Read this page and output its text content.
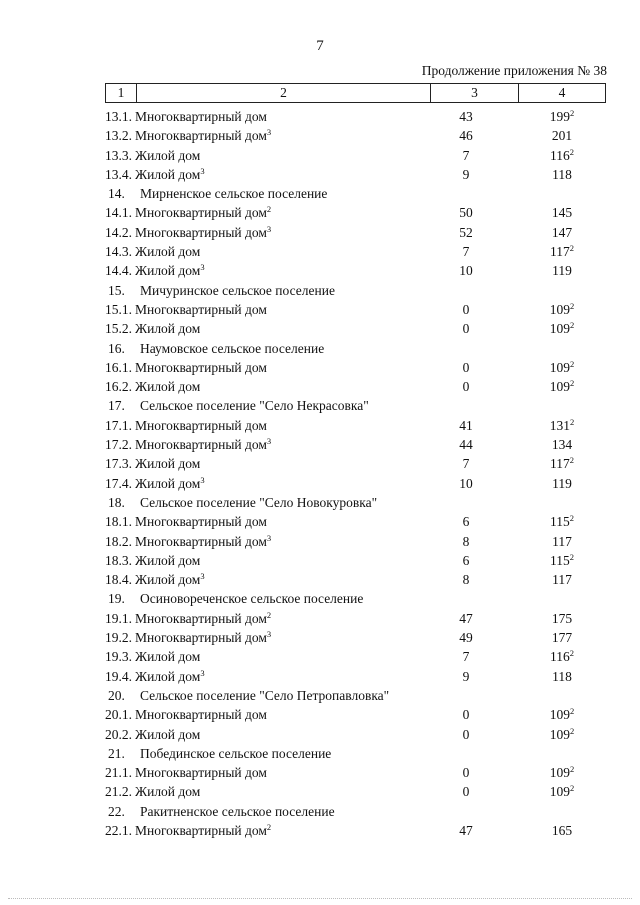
7
Продолжение приложения № 38
1	2	3	4
13.1. Многоквартирный дом	43	$199^2$
13.2. Многоквартирный дом$^3$	46	201
13.3. Жилой дом	7	$116^2$
13.4. Жилой дом$^3$	9	118
14. Мирненское сельское поселение
14.1. Многоквартирный дом$^2$	50	145
14.2. Многоквартирный дом$^3$	52	147
14.3. Жилой дом	7	$117^2$
14.4. Жилой дом$^3$	10	119
15. Мичуринское сельское поселение
15.1. Многоквартирный дом	0	$109^2$
15.2. Жилой дом	0	$109^2$
16. Наумовское сельское поселение
16.1. Многоквартирный дом	0	$109^2$
16.2. Жилой дом	0	$109^2$
17. Сельское поселение "Село Некрасовка"
17.1. Многоквартирный дом	41	$131^2$
17.2. Многоквартирный дом$^3$	44	134
17.3. Жилой дом	7	$117^2$
17.4. Жилой дом$^3$	10	119
18. Сельское поселение "Село Новокуровка"
18.1. Многоквартирный дом	6	$115^2$
18.2. Многоквартирный дом$^3$	8	117
18.3. Жилой дом	6	$115^2$
18.4. Жилой дом$^3$	8	117
19. Осиновореченское сельское поселение
19.1. Многоквартирный дом$^2$	47	175
19.2. Многоквартирный дом$^3$	49	177
19.3. Жилой дом	7	$116^2$
19.4. Жилой дом$^3$	9	118
20. Сельское поселение "Село Петропавловка"
20.1. Многоквартирный дом	0	$109^2$
20.2. Жилой дом	0	$109^2$
21. Побединское сельское поселение
21.1. Многоквартирный дом	0	$109^2$
21.2. Жилой дом	0	$109^2$
22. Ракитненское сельское поселение
22.1. Многоквартирный дом$^2$	47	165
